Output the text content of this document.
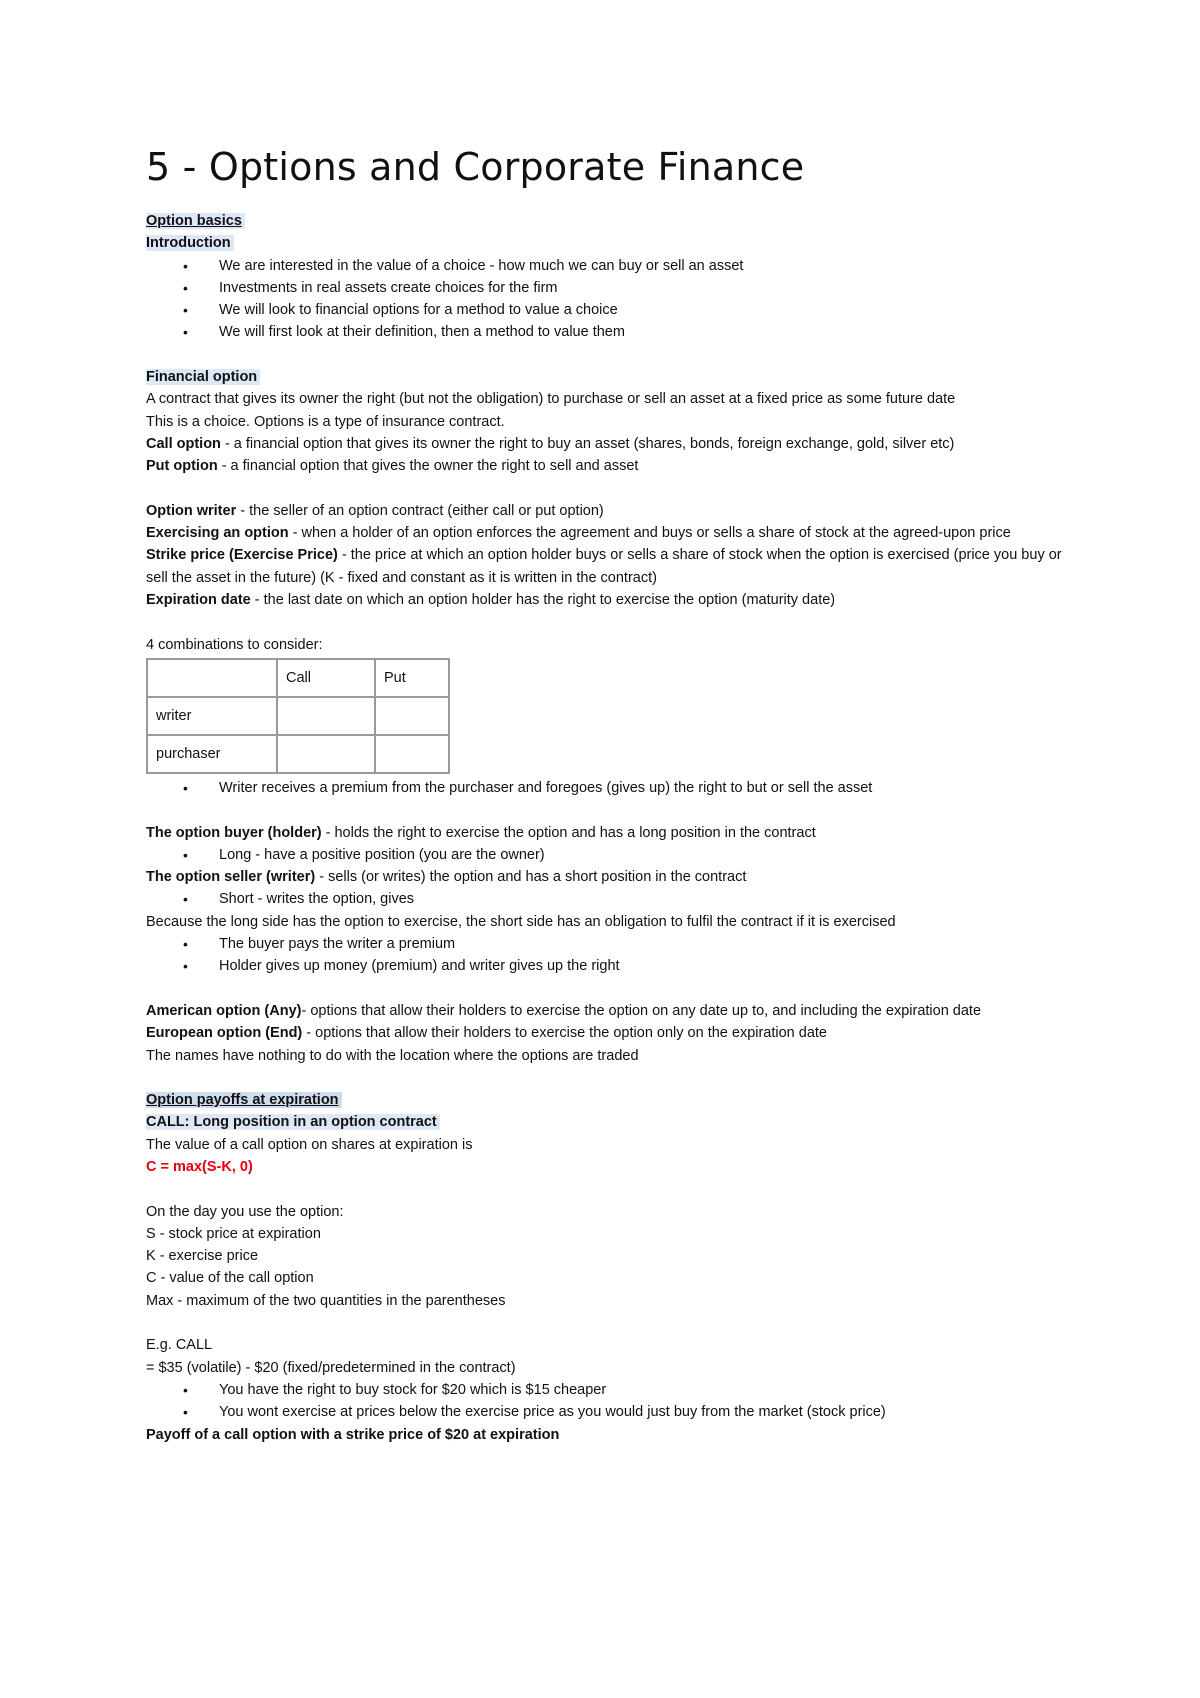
5 - Options and Corporate Finance
Option basics
Introduction
• We are interested in the value of a choice - how much we can buy or sell an asset
• Investments in real assets create choices for the firm
• We will look to financial options for a method to value a choice
• We will first look at their definition, then a method to value them
Financial option
A contract that gives its owner the right (but not the obligation) to purchase or sell an asset at a fixed price as some future date
This is a choice. Options is a type of insurance contract.
Call option - a financial option that gives its owner the right to buy an asset (shares, bonds, foreign exchange, gold, silver etc)
Put option - a financial option that gives the owner the right to sell and asset
Option writer - the seller of an option contract (either call or put option)
Exercising an option - when a holder of an option enforces the agreement and buys or sells a share of stock at the agreed-upon price
Strike price (Exercise Price) - the price at which an option holder buys or sells a share of stock when the option is exercised (price you buy or sell the asset in the future) (K - fixed and constant as it is written in the contract)
Expiration date - the last date on which an option holder has the right to exercise the option (maturity date)
4 combinations to consider:
	Call	Put
writer		
purchaser		
• Writer receives a premium from the purchaser and foregoes (gives up) the right to but or sell the asset
The option buyer (holder) - holds the right to exercise the option and has a long position in the contract
• Long - have a positive position (you are the owner)
The option seller (writer) - sells (or writes) the option and has a short position in the contract
• Short - writes the option, gives
Because the long side has the option to exercise, the short side has an obligation to fulfil the contract if it is exercised
• The buyer pays the writer a premium
• Holder gives up money (premium) and writer gives up the right
American option (Any)- options that allow their holders to exercise the option on any date up to, and including the expiration date
European option (End) - options that allow their holders to exercise the option only on the expiration date
The names have nothing to do with the location where the options are traded
Option payoffs at expiration
CALL: Long position in an option contract
The value of a call option on shares at expiration is
C = max(S-K, 0)
On the day you use the option:
S - stock price at expiration
K - exercise price
C - value of the call option
Max - maximum of the two quantities in the parentheses
E.g. CALL
= $35 (volatile) - $20 (fixed/predetermined in the contract)
• You have the right to buy stock for $20 which is $15 cheaper
• You wont exercise at prices below the exercise price as you would just buy from the market (stock price)
Payoff of a call option with a strike price of $20 at expiration
